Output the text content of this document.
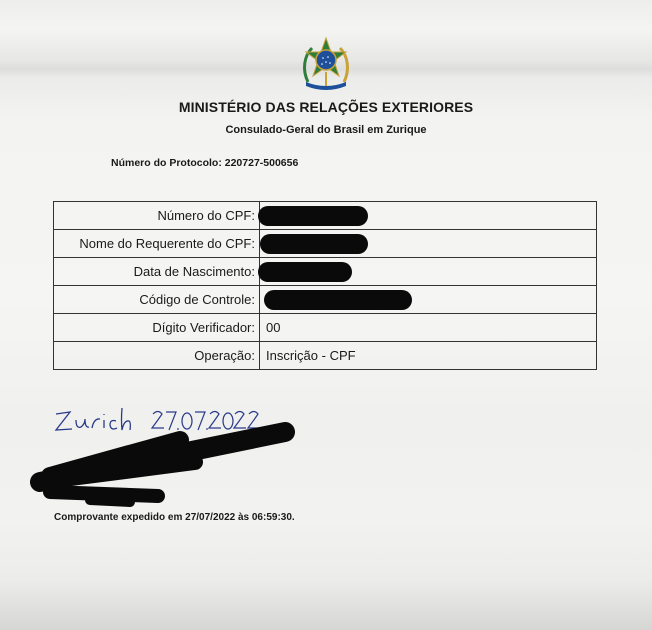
MINISTÉRIO DAS RELAÇÕES EXTERIORES
Consulado-Geral do Brasil em Zurique
Número do Protocolo: 220727-500656
Número do CPF:	
Nome do Requerente do CPF:	
Data de Nascimento:	
Código de Controle:	
Dígito Verificador:	00
Operação:	Inscrição - CPF
Comprovante expedido em 27/07/2022 às 06:59:30.
